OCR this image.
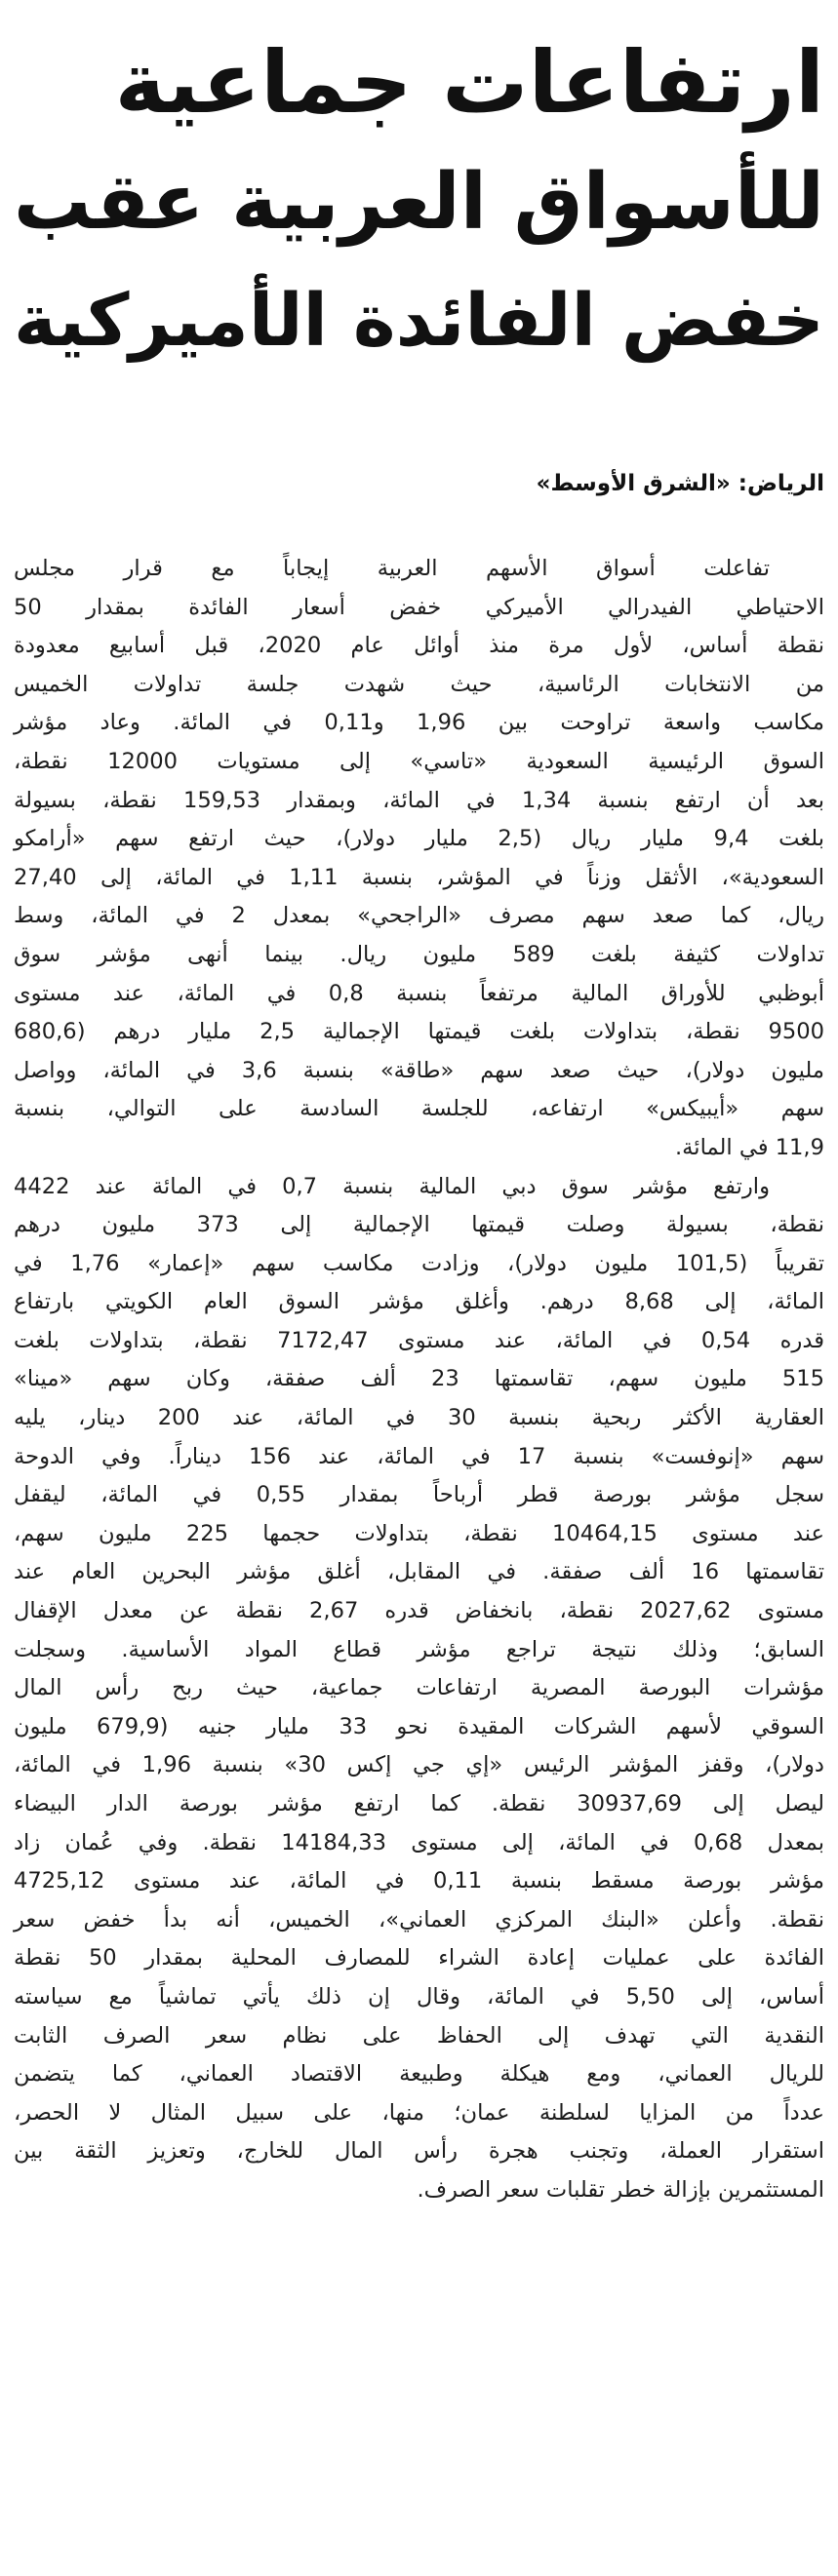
ارتفاعات جماعية
للأسواق العربية عقب
خفض الفائدة الأميركية

الرياض: «الشرق الأوسط»

تفاعلت أسواق الأسهم العربية إيجاباً مع قرار مجلس
الاحتياطي الفيدرالي الأميركي خفض أسعار الفائدة بمقدار 50
نقطة أساس، لأول مرة منذ أوائل عام 2020، قبل أسابيع معدودة
من الانتخابات الرئاسية، حيث شهدت جلسة تداولات الخميس
مكاسب واسعة تراوحت بين 1,96 و0,11 في المائة. وعاد مؤشر
السوق الرئيسية السعودية «تاسي» إلى مستويات 12000 نقطة،
بعد أن ارتفع بنسبة 1,34 في المائة، وبمقدار 159,53 نقطة، بسيولة
بلغت 9,4 مليار ريال (2,5 مليار دولار)، حيث ارتفع سهم «أرامكو
السعودية»، الأثقل وزناً في المؤشر، بنسبة 1,11 في المائة، إلى 27,40
ريال، كما صعد سهم مصرف «الراجحي» بمعدل 2 في المائة، وسط
تداولات كثيفة بلغت 589 مليون ريال. بينما أنهى مؤشر سوق
أبوظبي للأوراق المالية مرتفعاً بنسبة 0,8 في المائة، عند مستوى
9500 نقطة، بتداولات بلغت قيمتها الإجمالية 2,5 مليار درهم (680,6
مليون دولار)، حيث صعد سهم «طاقة» بنسبة 3,6 في المائة، وواصل
سهم «أيبيكس» ارتفاعه، للجلسة السادسة على التوالي، بنسبة
11,9 في المائة.
وارتفع مؤشر سوق دبي المالية بنسبة 0,7 في المائة عند 4422
نقطة، بسيولة وصلت قيمتها الإجمالية إلى 373 مليون درهم
تقريباً (101,5 مليون دولار)، وزادت مكاسب سهم «إعمار» 1,76 في
المائة، إلى 8,68 درهم. وأغلق مؤشر السوق العام الكويتي بارتفاع
قدره 0,54 في المائة، عند مستوى 7172,47 نقطة، بتداولات بلغت
515 مليون سهم، تقاسمتها 23 ألف صفقة، وكان سهم «مينا»
العقارية الأكثر ربحية بنسبة 30 في المائة، عند 200 دينار، يليه
سهم «إنوفست» بنسبة 17 في المائة، عند 156 ديناراً. وفي الدوحة
سجل مؤشر بورصة قطر أرباحاً بمقدار 0,55 في المائة، ليقفل
عند مستوى 10464,15 نقطة، بتداولات حجمها 225 مليون سهم،
تقاسمتها 16 ألف صفقة. في المقابل، أغلق مؤشر البحرين العام عند
مستوى 2027,62 نقطة، بانخفاض قدره 2,67 نقطة عن معدل الإقفال
السابق؛ وذلك نتيجة تراجع مؤشر قطاع المواد الأساسية. وسجلت
مؤشرات البورصة المصرية ارتفاعات جماعية، حيث ربح رأس المال
السوقي لأسهم الشركات المقيدة نحو 33 مليار جنيه (679,9 مليون
دولار)، وقفز المؤشر الرئيس «إي جي إكس 30» بنسبة 1,96 في المائة،
ليصل إلى 30937,69 نقطة. كما ارتفع مؤشر بورصة الدار البيضاء
بمعدل 0,68 في المائة، إلى مستوى 14184,33 نقطة. وفي عُمان زاد
مؤشر بورصة مسقط بنسبة 0,11 في المائة، عند مستوى 4725,12
نقطة. وأعلن «البنك المركزي العماني»، الخميس، أنه بدأ خفض سعر
الفائدة على عمليات إعادة الشراء للمصارف المحلية بمقدار 50 نقطة
أساس، إلى 5,50 في المائة، وقال إن ذلك يأتي تماشياً مع سياسته
النقدية التي تهدف إلى الحفاظ على نظام سعر الصرف الثابت
للريال العماني، ومع هيكلة وطبيعة الاقتصاد العماني، كما يتضمن
عدداً من المزايا لسلطنة عمان؛ منها، على سبيل المثال لا الحصر،
استقرار العملة، وتجنب هجرة رأس المال للخارج، وتعزيز الثقة بين
المستثمرين بإزالة خطر تقلبات سعر الصرف.
